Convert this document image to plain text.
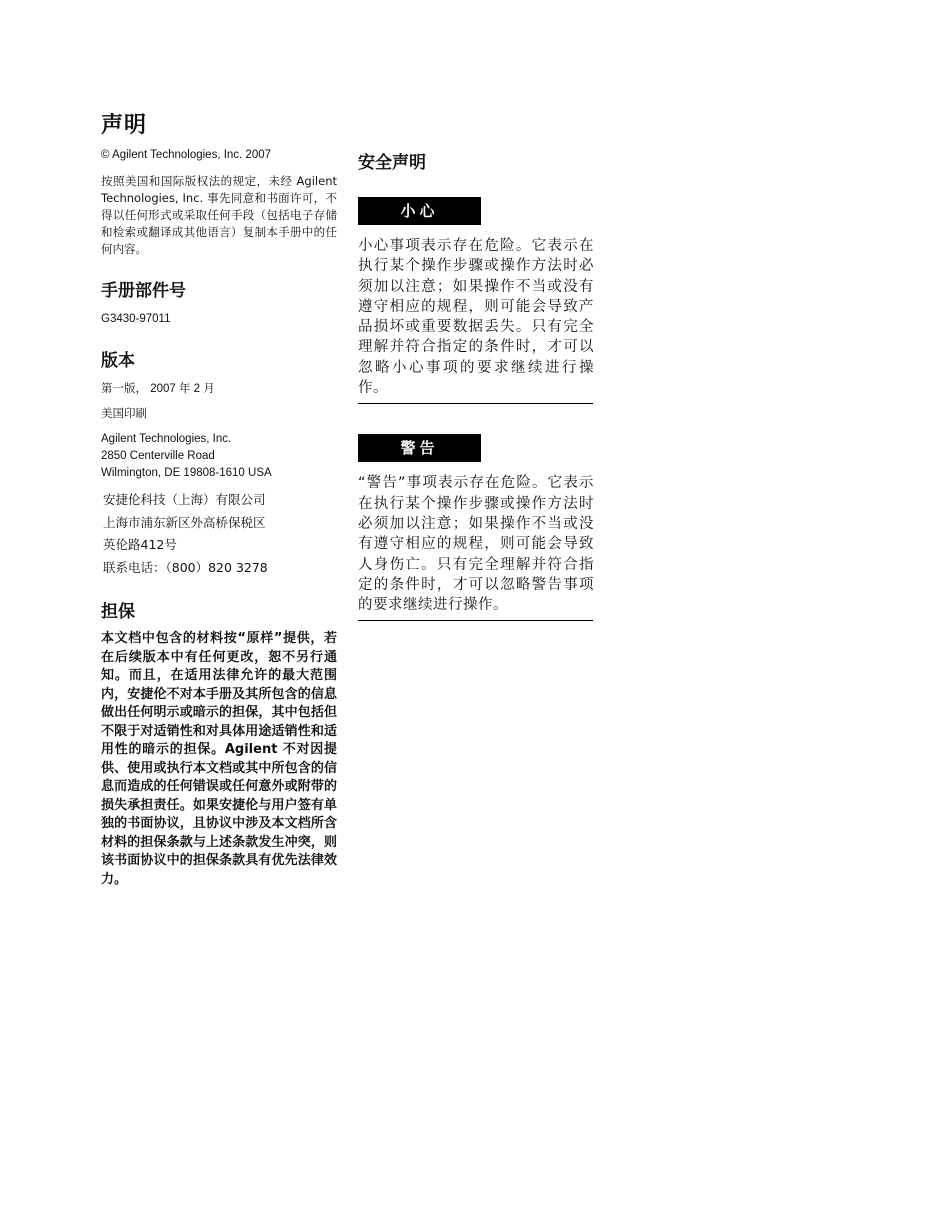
声明

© Agilent Technologies, Inc. 2007

按照美国和国际版权法的规定，未经 Agilent Technologies, Inc. 事先同意和书面许可，不得以任何形式或采取任何手段（包括电子存储和检索或翻译成其他语言）复制本手册中的任何内容。

手册部件号

G3430-97011

版本

第一版， 2007 年 2 月

美国印刷

Agilent Technologies, Inc.

2850 Centerville Road

Wilmington, DE 19808-1610 USA

安捷伦科技（上海）有限公司

上海市浦东新区外高桥保税区

英伦路412号

联系电话：（800）820 3278

担保

本文档中包含的材料按“原样”提供，若在后续版本中有任何更改，恕不另行通知。而且，在适用法律允许的最大范围内，安捷伦不对本手册及其所包含的信息做出任何明示或暗示的担保，其中包括但不限于对适销性和对具体用途适销性和适用性的暗示的担保。Agilent 不对因提供、使用或执行本文档或其中所包含的信息而造成的任何错误或任何意外或附带的损失承担责任。如果安捷伦与用户签有单独的书面协议，且协议中涉及本文档所含材料的担保条款与上述条款发生冲突，则该书面协议中的担保条款具有优先法律效力。

安全声明
小心

小心事项表示存在危险。它表示在执行某个操作步骤或操作方法时必须加以注意；如果操作不当或没有遵守相应的规程，则可能会导致产品损坏或重要数据丢失。只有完全理解并符合指定的条件时，才可以忽略小心事项的要求继续进行操作。

警告

“警告”事项表示存在危险。它表示在执行某个操作步骤或操作方法时必须加以注意；如果操作不当或没有遵守相应的规程，则可能会导致人身伤亡。只有完全理解并符合指定的条件时，才可以忽略警告事项的要求继续进行操作。
